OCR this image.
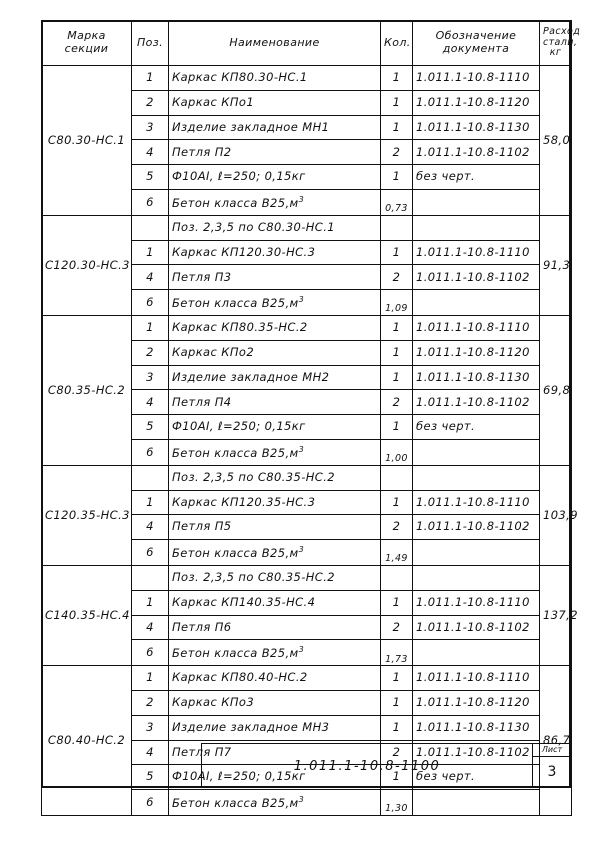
Марка секции	Поз.	Наименование	Кол.	Обозначение документа	Расход стали, кг
С80.30-НС.1	1	Каркас КП80.30-НС.1	1	1.011.1-10.8-1110	58,0
	2	Каркас КПо1	1	1.011.1-10.8-1120	
	3	Изделие закладное МН1	1	1.011.1-10.8-1130	
	4	Петля П2	2	1.011.1-10.8-1102	
	5	Ф10АI, ℓ=250; 0,15кг	1	без черт.	
	6	Бетон класса $В25,м^3$	0,73		
С120.30-НС.3		Поз. 2,3,5 по С80.30-НС.1			91,3
	1	Каркас КП120.30-НС.3	1	1.011.1-10.8-1110	
	4	Петля П3	2	1.011.1-10.8-1102	
	6	Бетон класса $В25,м^3$	1,09		
С80.35-НС.2	1	Каркас КП80.35-НС.2	1	1.011.1-10.8-1110	69,8
	2	Каркас КПо2	1	1.011.1-10.8-1120	
	3	Изделие закладное МН2	1	1.011.1-10.8-1130	
	4	Петля П4	2	1.011.1-10.8-1102	
	5	Ф10АI, ℓ=250; 0,15кг	1	без черт.	
	6	Бетон класса $В25,м^3$	1,00		
С120.35-НС.3		Поз. 2,3,5 по С80.35-НС.2			103,9
	1	Каркас КП120.35-НС.3	1	1.011.1-10.8-1110	
	4	Петля П5	2	1.011.1-10.8-1102	
	6	Бетон класса $В25,м^3$	1,49		
С140.35-НС.4		Поз. 2,3,5 по С80.35-НС.2			137,2
	1	Каркас КП140.35-НС.4	1	1.011.1-10.8-1110	
	4	Петля П6	2	1.011.1-10.8-1102	
	6	Бетон класса $В25,м^3$	1,73		
С80.40-НС.2	1	Каркас КП80.40-НС.2	1	1.011.1-10.8-1110	86,7
	2	Каркас КПо3	1	1.011.1-10.8-1120	
	3	Изделие закладное МН3	1	1.011.1-10.8-1130	
	4	Петля П7	2	1.011.1-10.8-1102	
	5	Ф10АI, ℓ=250; 0,15кг	1	без черт.	
	6	Бетон класса $В25,м^3$	1,30		
1.011.1-10.8-1100
Лист
3
